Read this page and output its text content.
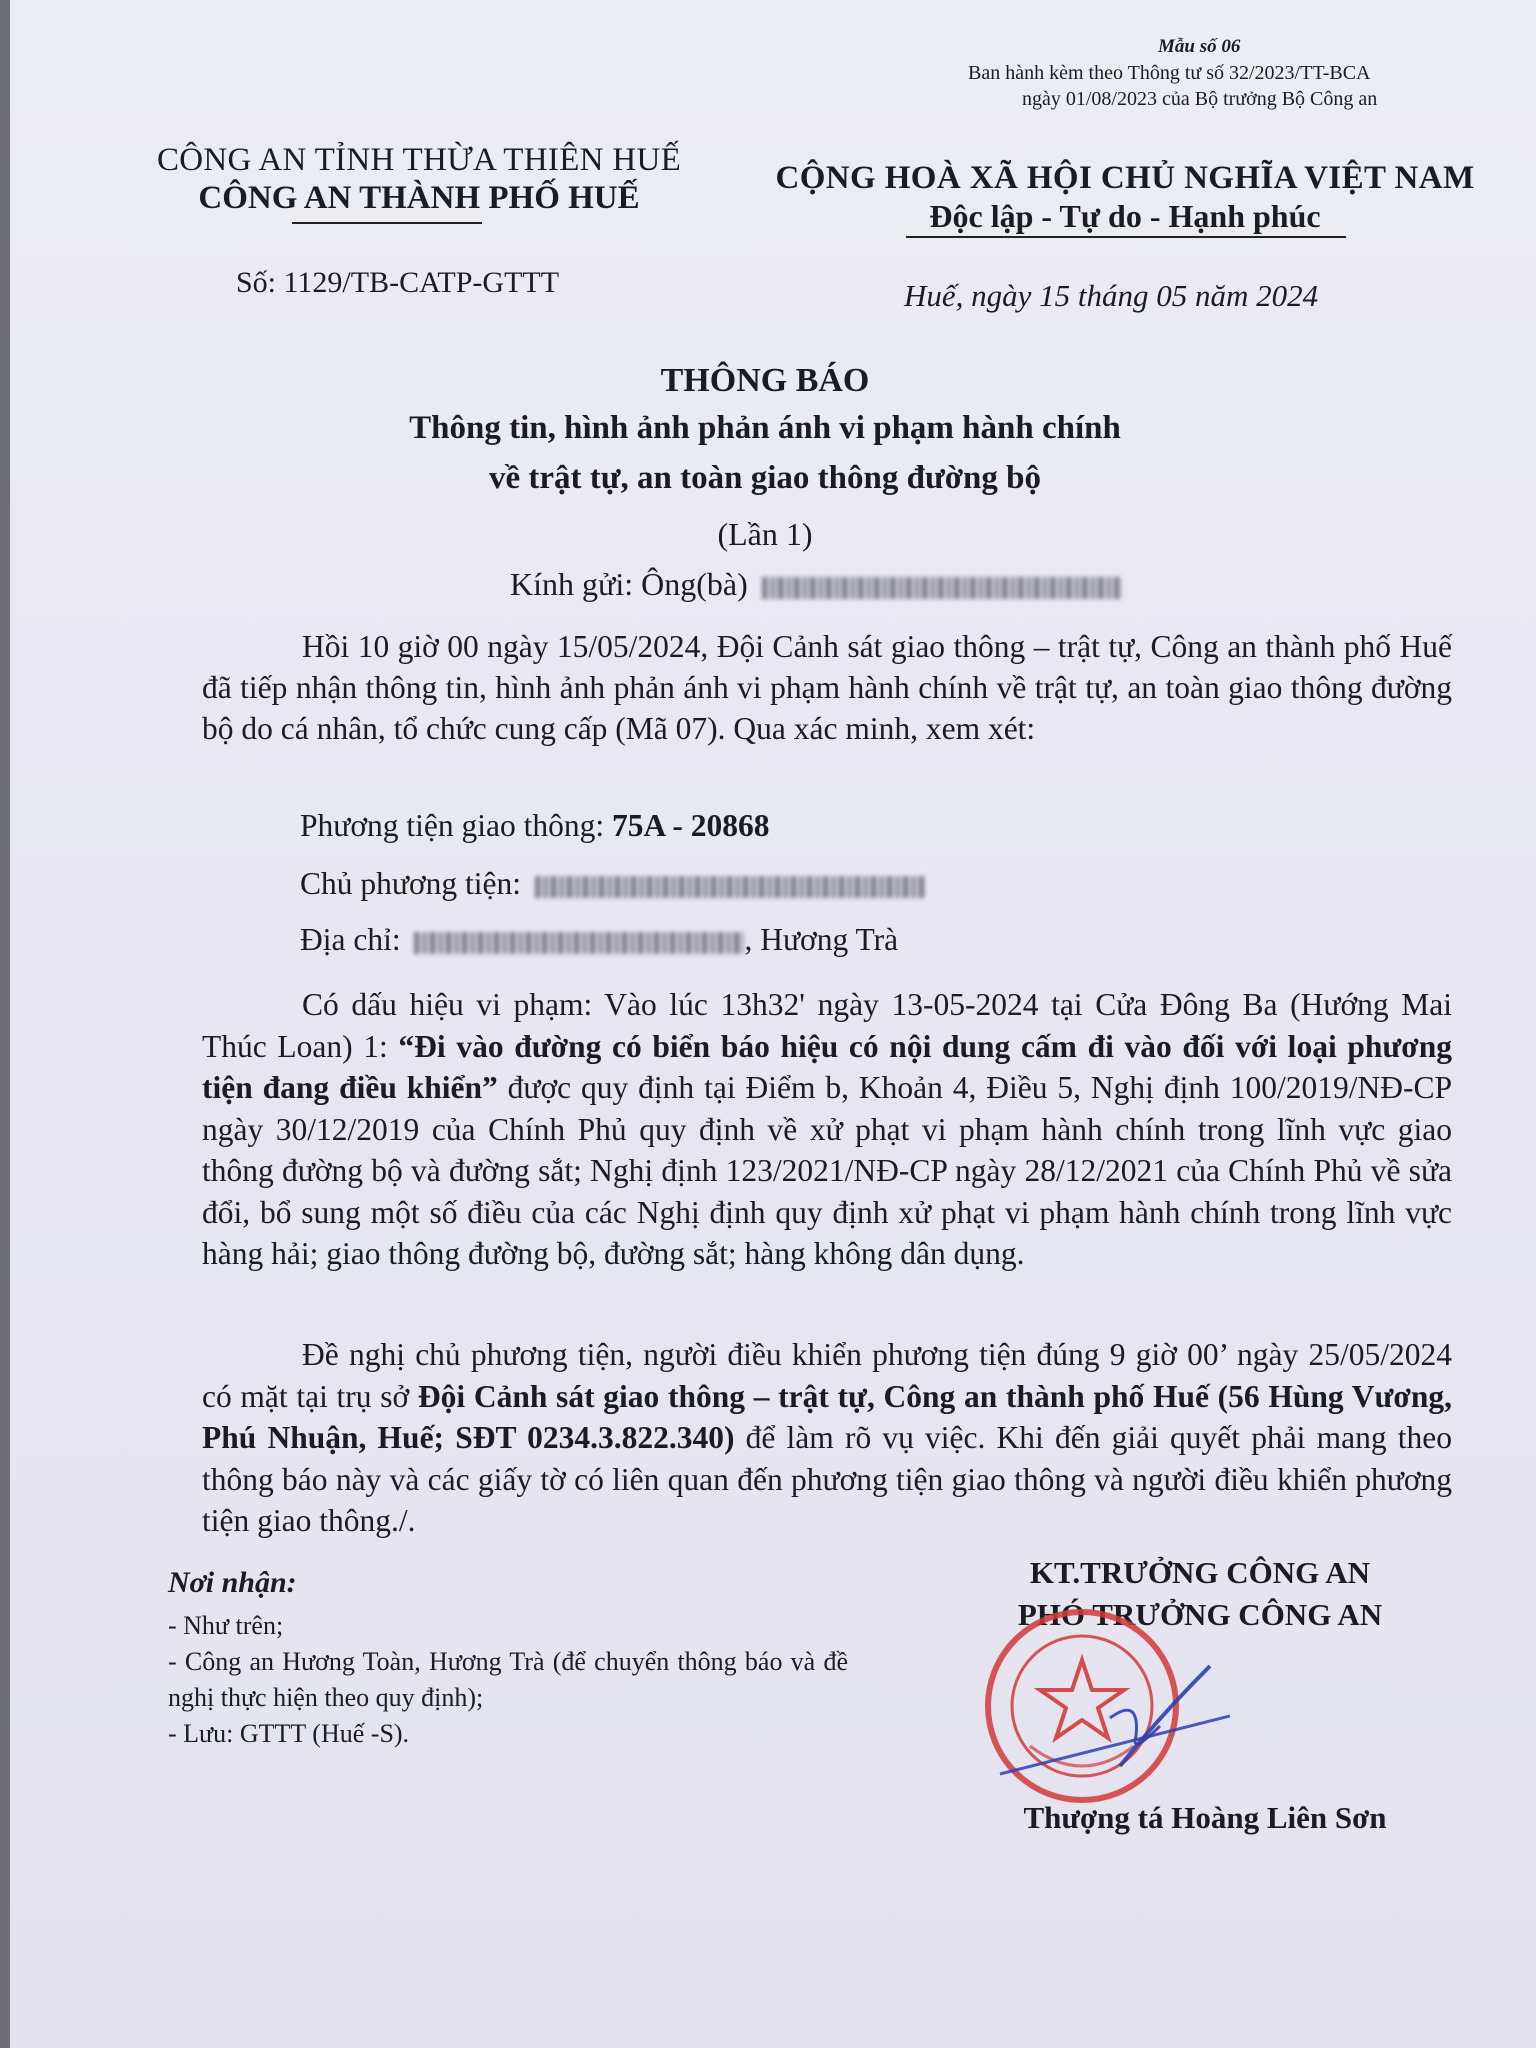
Mẫu số 06
Ban hành kèm theo Thông tư số 32/2023/TT-BCA
ngày 01/08/2023 của Bộ trưởng Bộ Công an
CÔNG AN TỈNH THỪA THIÊN HUẾ
CÔNG AN THÀNH PHỐ HUẾ
Số: 1129/TB-CATP-GTTT
CỘNG HOÀ XÃ HỘI CHỦ NGHĨA VIỆT NAM
Độc lập - Tự do - Hạnh phúc
Huế, ngày 15 tháng 05 năm 2024
THÔNG BÁO
Thông tin, hình ảnh phản ánh vi phạm hành chính
về trật tự, an toàn giao thông đường bộ
(Lần 1)
Kính gửi: Ông(bà)

Hồi 10 giờ 00 ngày 15/05/2024, Đội Cảnh sát giao thông – trật tự, Công an thành phố Huế đã tiếp nhận thông tin, hình ảnh phản ánh vi phạm hành chính về trật tự, an toàn giao thông đường bộ do cá nhân, tổ chức cung cấp (Mã 07). Qua xác minh, xem xét:

Phương tiện giao thông: 75A - 20868
Chủ phương tiện:
Địa chỉ:	, Hương Trà

Có dấu hiệu vi phạm: Vào lúc 13h32' ngày 13-05-2024 tại Cửa Đông Ba (Hướng Mai Thúc Loan) 1: “Đi vào đường có biển báo hiệu có nội dung cấm đi vào đối với loại phương tiện đang điều khiển” được quy định tại Điểm b, Khoản 4, Điều 5, Nghị định 100/2019/NĐ-CP ngày 30/12/2019 của Chính Phủ quy định về xử phạt vi phạm hành chính trong lĩnh vực giao thông đường bộ và đường sắt; Nghị định 123/2021/NĐ-CP ngày 28/12/2021 của Chính Phủ về sửa đổi, bổ sung một số điều của các Nghị định quy định xử phạt vi phạm hành chính trong lĩnh vực hàng hải; giao thông đường bộ, đường sắt; hàng không dân dụng.

Đề nghị chủ phương tiện, người điều khiển phương tiện đúng 9 giờ 00’ ngày 25/05/2024 có mặt tại trụ sở Đội Cảnh sát giao thông – trật tự, Công an thành phố Huế (56 Hùng Vương, Phú Nhuận, Huế; SĐT 0234.3.822.340) để làm rõ vụ việc. Khi đến giải quyết phải mang theo thông báo này và các giấy tờ có liên quan đến phương tiện giao thông và người điều khiển phương tiện giao thông./.

Nơi nhận:
- Như trên;
- Công an Hương Toàn, Hương Trà (để chuyển thông báo và đề nghị thực hiện theo quy định);
- Lưu: GTTT (Huế -S).
KT.TRƯỞNG CÔNG AN
PHÓ TRƯỞNG CÔNG AN
Thượng tá Hoàng Liên Sơn
